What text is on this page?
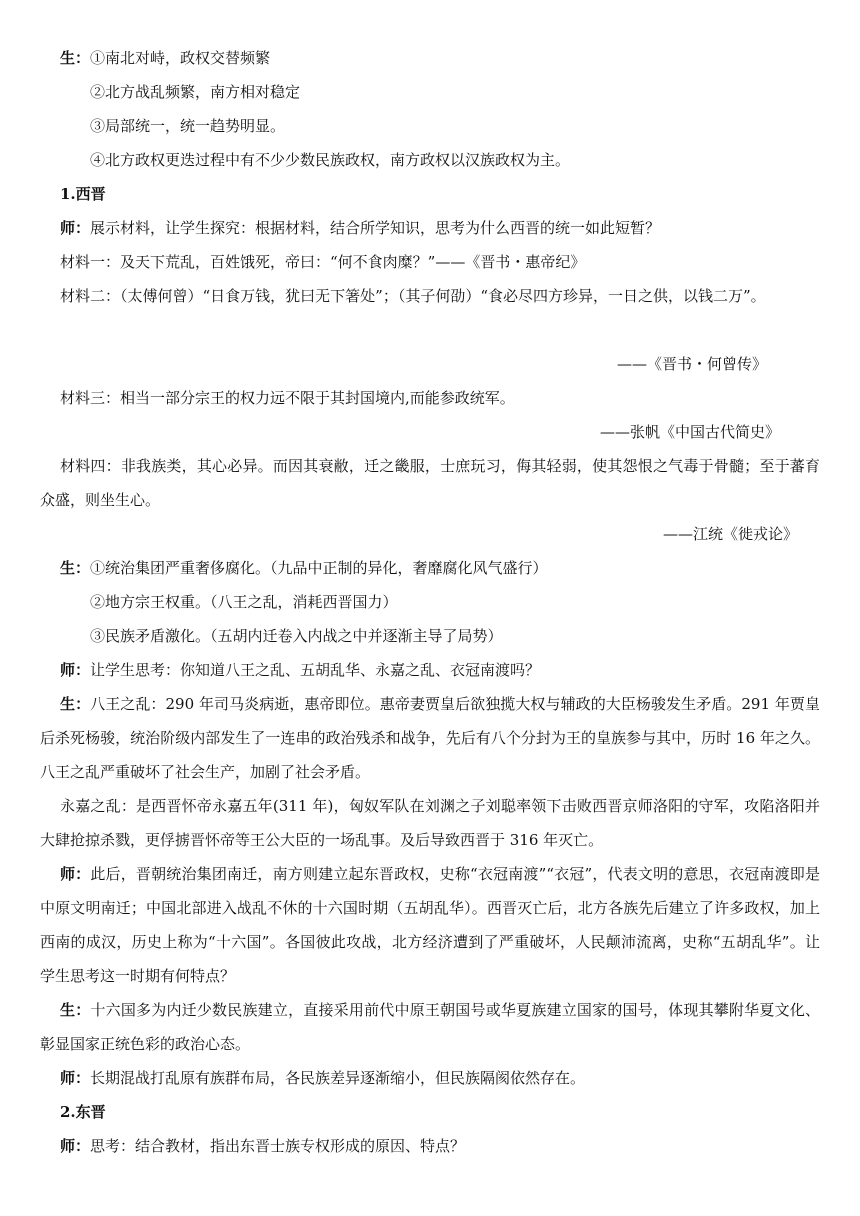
生：①南北对峙，政权交替频繁
②北方战乱频繁，南方相对稳定
③局部统一，统一趋势明显。
④北方政权更迭过程中有不少少数民族政权，南方政权以汉族政权为主。
1.西晋
师：展示材料，让学生探究：根据材料，结合所学知识，思考为什么西晋的统一如此短暂？
材料一：及天下荒乱，百姓饿死，帝曰：“何不食肉糜？”——《晋书・惠帝纪》
材料二：（太傅何曾）“日食万钱，犹曰无下箸处”；（其子何劭）“食必尽四方珍异，一日之供，以钱二万”。
——《晋书・何曾传》
材料三：相当一部分宗王的权力远不限于其封国境内,而能参政统军。
——张帆《中国古代简史》
材料四：非我族类，其心必异。而因其衰敝，迁之畿服，士庶玩习，侮其轻弱，使其怨恨之气毒于骨髓；至于蕃育众盛，则坐生心。
——江统《徙戎论》
生：①统治集团严重奢侈腐化。（九品中正制的异化，奢靡腐化风气盛行）
②地方宗王权重。（八王之乱，消耗西晋国力）
③民族矛盾激化。（五胡内迁卷入内战之中并逐渐主导了局势）
师：让学生思考：你知道八王之乱、五胡乱华、永嘉之乱、衣冠南渡吗？
生：八王之乱：290 年司马炎病逝，惠帝即位。惠帝妻贾皇后欲独揽大权与辅政的大臣杨骏发生矛盾。291 年贾皇后杀死杨骏，统治阶级内部发生了一连串的政治残杀和战争，先后有八个分封为王的皇族参与其中，历时 16 年之久。八王之乱严重破坏了社会生产，加剧了社会矛盾。
永嘉之乱：是西晋怀帝永嘉五年(311 年)，匈奴军队在刘渊之子刘聪率领下击败西晋京师洛阳的守军，攻陷洛阳并大肆抢掠杀戮，更俘掳晋怀帝等王公大臣的一场乱事。及后导致西晋于 316 年灭亡。
师：此后，晋朝统治集团南迁，南方则建立起东晋政权，史称“衣冠南渡”“衣冠”，代表文明的意思，衣冠南渡即是中原文明南迁；中国北部进入战乱不休的十六国时期（五胡乱华）。西晋灭亡后，北方各族先后建立了许多政权，加上西南的成汉，历史上称为“十六国”。各国彼此攻战，北方经济遭到了严重破坏，人民颠沛流离，史称“五胡乱华”。让学生思考这一时期有何特点？
生：十六国多为内迁少数民族建立，直接采用前代中原王朝国号或华夏族建立国家的国号，体现其攀附华夏文化、彰显国家正统色彩的政治心态。
师：长期混战打乱原有族群布局，各民族差异逐渐缩小，但民族隔阂依然存在。
2.东晋
师：思考：结合教材，指出东晋士族专权形成的原因、特点？
